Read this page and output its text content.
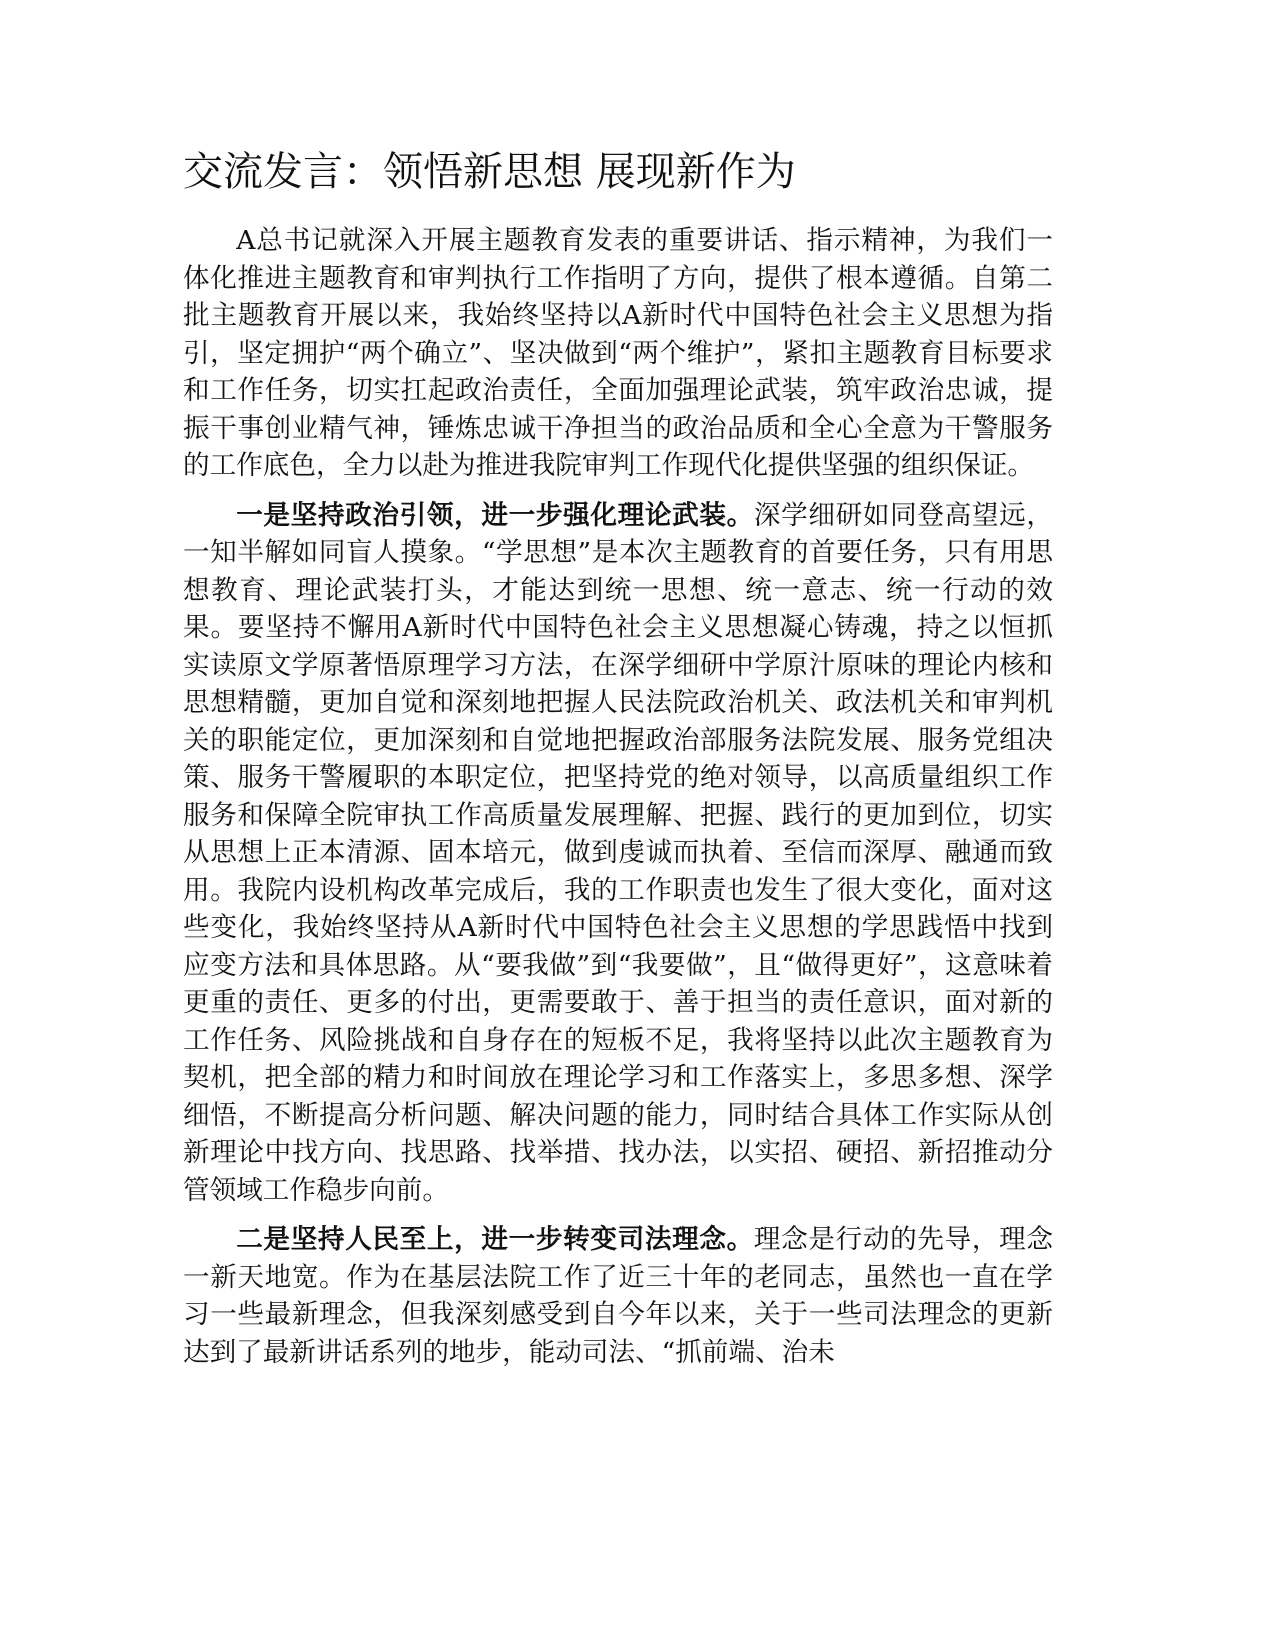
交流发言：领悟新思想 展现新作为

A总书记就深入开展主题教育发表的重要讲话、指示精神，为我们一体化推进主题教育和审判执行工作指明了方向，提供了根本遵循。自第二批主题教育开展以来，我始终坚持以A新时代中国特色社会主义思想为指引，坚定拥护“两个确立”、坚决做到“两个维护”，紧扣主题教育目标要求和工作任务，切实扛起政治责任，全面加强理论武装，筑牢政治忠诚，提振干事创业精气神，锤炼忠诚干净担当的政治品质和全心全意为干警服务的工作底色，全力以赴为推进我院审判工作现代化提供坚强的组织保证。

一是坚持政治引领，进一步强化理论武装。深学细研如同登高望远，一知半解如同盲人摸象。“学思想”是本次主题教育的首要任务，只有用思想教育、理论武装打头，才能达到统一思想、统一意志、统一行动的效果。要坚持不懈用A新时代中国特色社会主义思想凝心铸魂，持之以恒抓实读原文学原著悟原理学习方法，在深学细研中学原汁原味的理论内核和思想精髓，更加自觉和深刻地把握人民法院政治机关、政法机关和审判机关的职能定位，更加深刻和自觉地把握政治部服务法院发展、服务党组决策、服务干警履职的本职定位，把坚持党的绝对领导，以高质量组织工作服务和保障全院审执工作高质量发展理解、把握、践行的更加到位，切实从思想上正本清源、固本培元，做到虔诚而执着、至信而深厚、融通而致用。我院内设机构改革完成后，我的工作职责也发生了很大变化，面对这些变化，我始终坚持从A新时代中国特色社会主义思想的学思践悟中找到应变方法和具体思路。从“要我做”到“我要做”，且“做得更好”，这意味着更重的责任、更多的付出，更需要敢于、善于担当的责任意识，面对新的工作任务、风险挑战和自身存在的短板不足，我将坚持以此次主题教育为契机，把全部的精力和时间放在理论学习和工作落实上，多思多想、深学细悟，不断提高分析问题、解决问题的能力，同时结合具体工作实际从创新理论中找方向、找思路、找举措、找办法，以实招、硬招、新招推动分管领域工作稳步向前。

二是坚持人民至上，进一步转变司法理念。理念是行动的先导，理念一新天地宽。作为在基层法院工作了近三十年的老同志，虽然也一直在学习一些最新理念，但我深刻感受到自今年以来，关于一些司法理念的更新达到了最新讲话系列的地步，能动司法、“抓前端、治未
